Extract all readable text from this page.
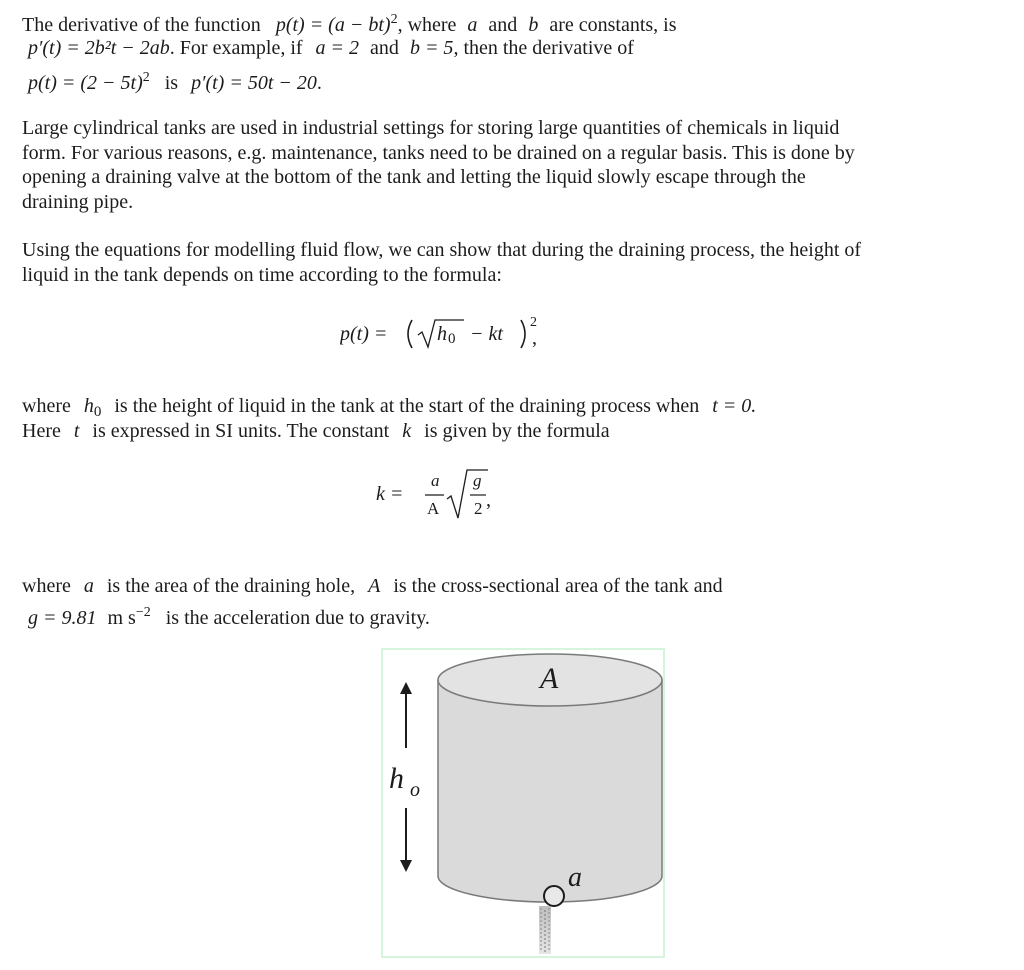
The derivative of the function p(t) = (a − bt)$^2$, where a and b are constants, is
p′(t) = 2b²t − 2ab. For example, if a = 2 and b = 5, then the derivative of
$p(t) = (2 - 5t)^2$ is p′(t) = 50t − 20.

Large cylindrical tanks are used in industrial settings for storing large quantities of chemicals in liquid form. For various reasons, e.g. maintenance, tanks need to be drained on a regular basis. This is done by opening a draining valve at the bottom of the tank and letting the liquid slowly escape through the draining pipe.

Using the equations for modelling fluid flow, we can show that during the draining process, the height of liquid in the tank depends on time according to the formula:

p(t) = h 0 − kt
2
,
where $h_0$ is the height of liquid in the tank at the start of the draining process when t = 0.
Here t is expressed in SI units. The constant k is given by the formula
k =
a
A
g
2 ,
where a is the area of the draining hole, A is the cross-sectional area of the tank and
g = 9.81 m $s^{-2}$ is the acceleration due to gravity.
A
h o
a
